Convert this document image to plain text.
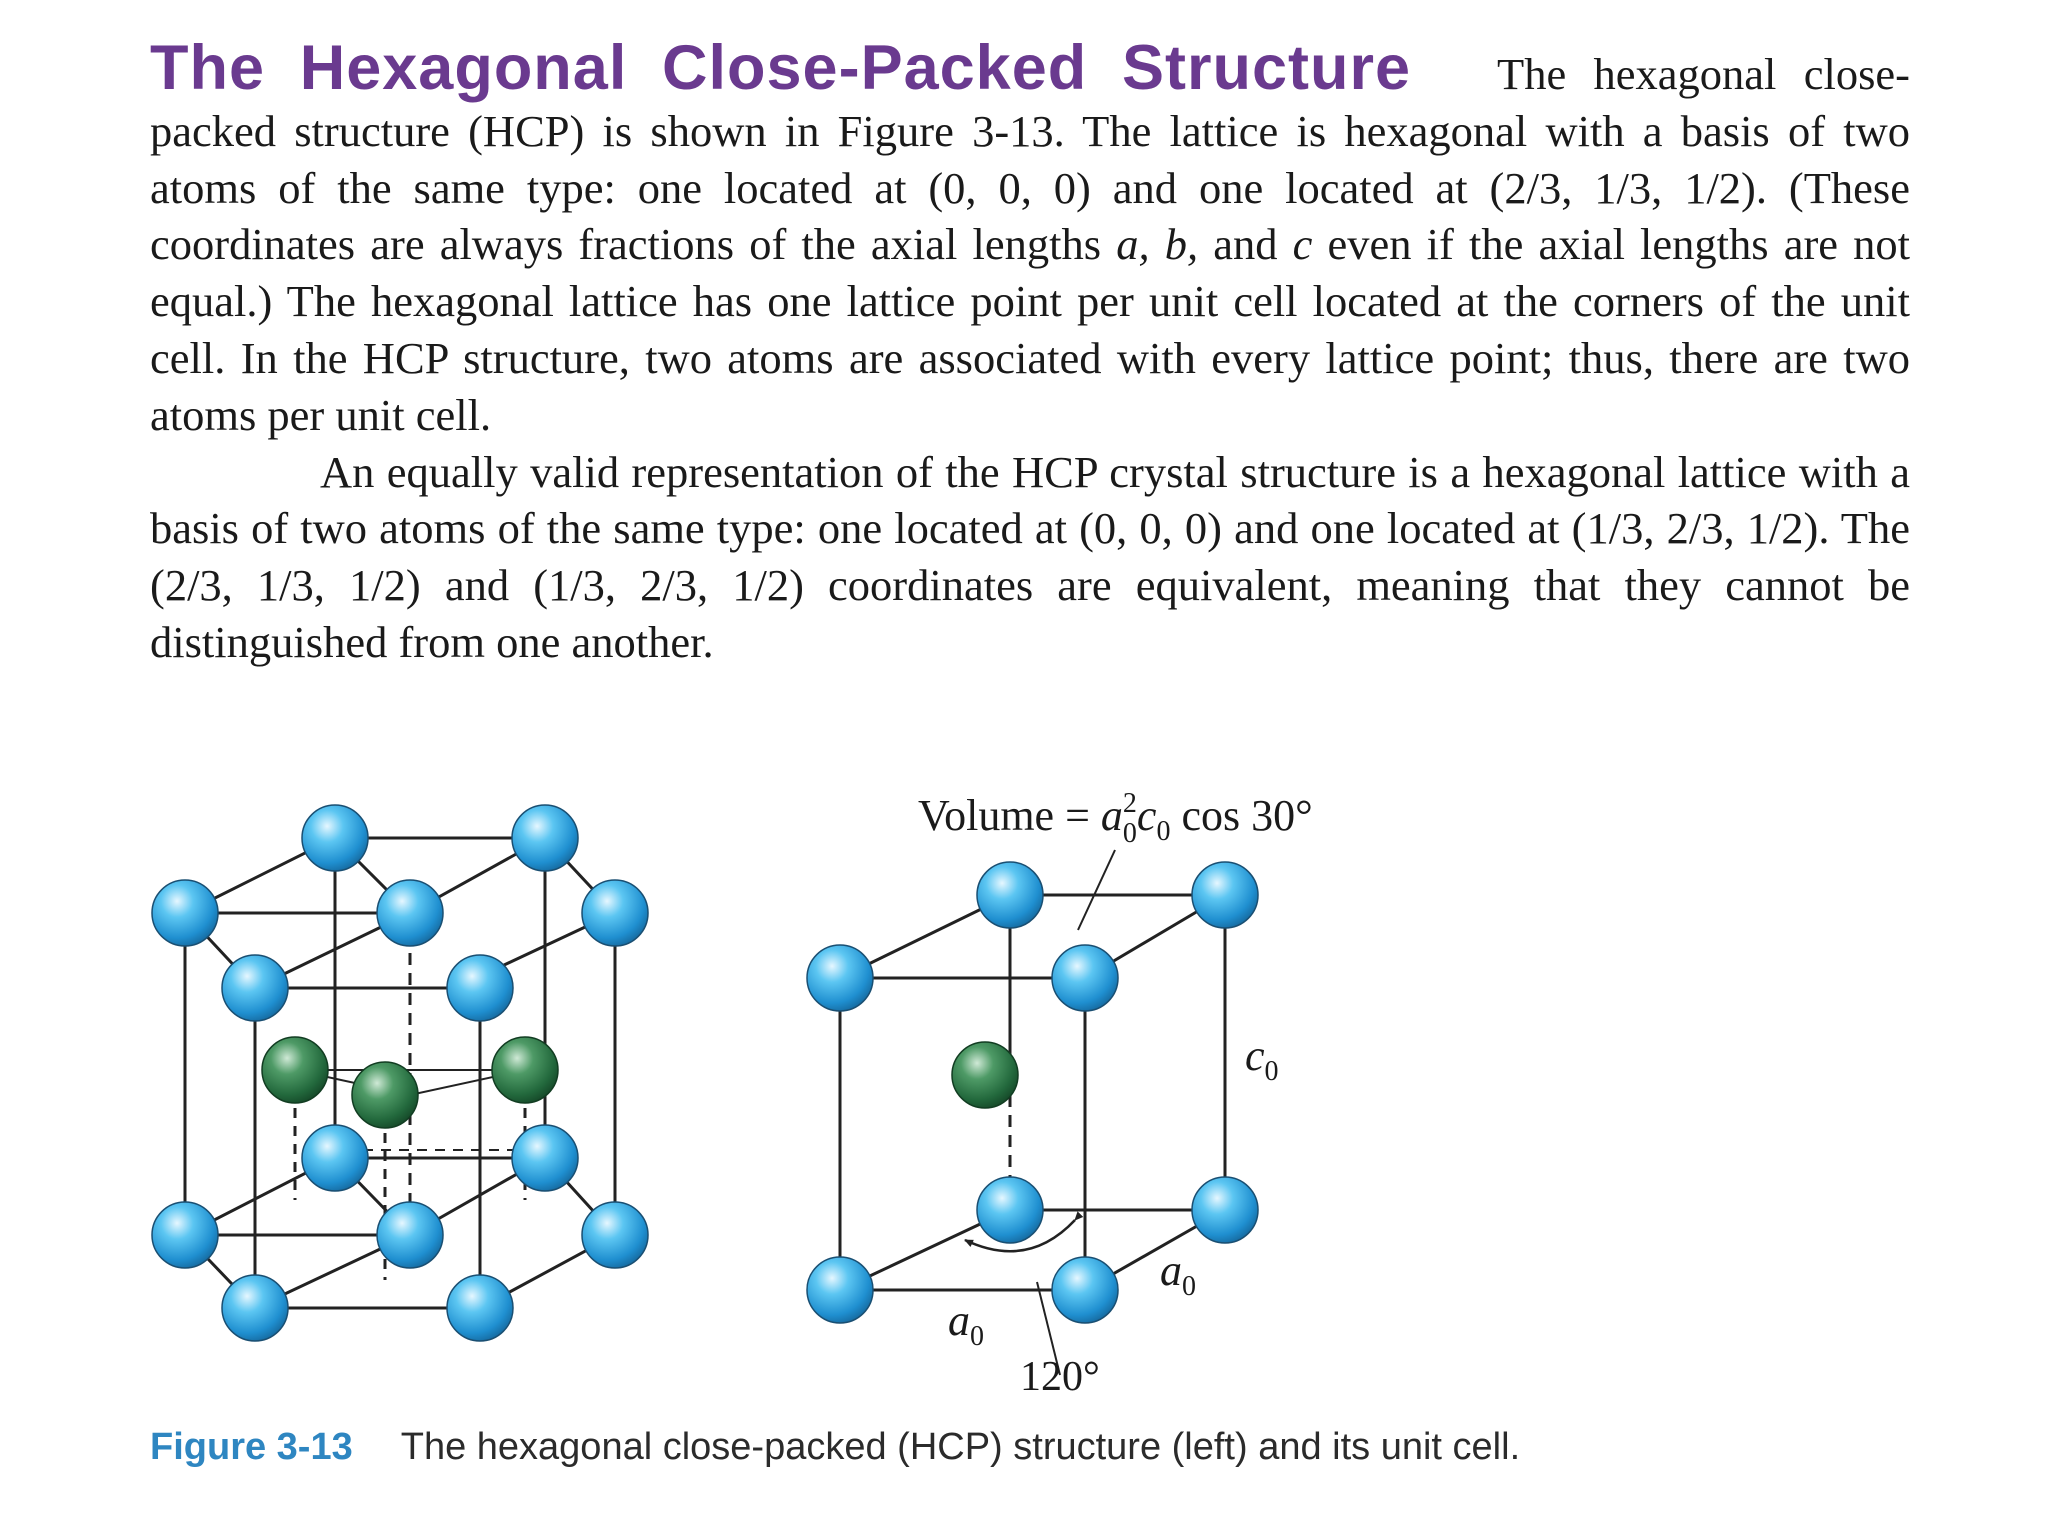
The Hexagonal Close-Packed Structure The hexagonal close-packed structure (HCP) is shown in Figure 3-13. The lattice is hexagonal with a basis of two atoms of the same type: one located at (0, 0, 0) and one located at (2/3, 1/3, 1/2). (These coordinates are always fractions of the axial lengths a, b, and c even if the axial lengths are not equal.) The hexagonal lattice has one lattice point per unit cell located at the corners of the unit cell. In the HCP structure, two atoms are associated with every lattice point; thus, there are two atoms per unit cell.

An equally valid representation of the HCP crystal structure is a hexagonal lattice with a basis of two atoms of the same type: one located at (0, 0, 0) and one located at (1/3, 2/3, 1/2). The (2/3, 1/3, 1/2) and (1/3, 2/3, 1/2) coordinates are equivalent, meaning that they cannot be distinguished from one another.

Volume = $a^2$ $0c_0$ cos 30°
$c_0$
$a_0$
$a_0$
120°
Figure 3-13 The hexagonal close-packed (HCP) structure (left) and its unit cell.
